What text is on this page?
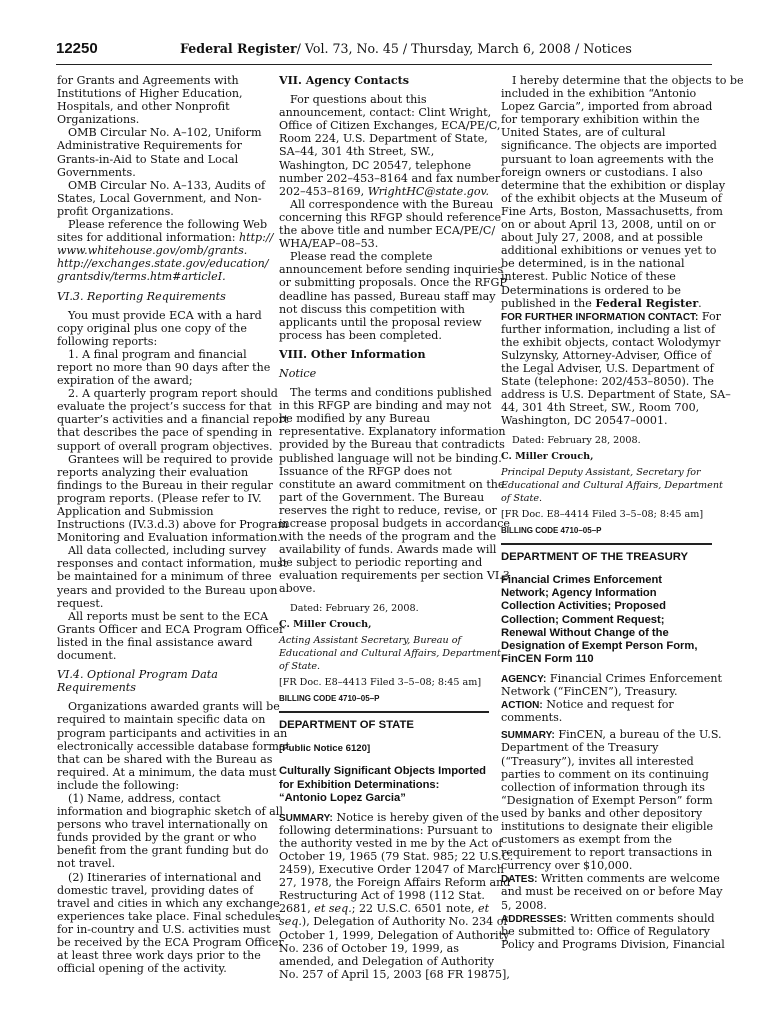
12250	Federal Register/ Vol. 73, No. 45 / Thursday, March 6, 2008 / Notices
for Grants and Agreements with
Institutions of Higher Education,
Hospitals, and other Nonprofit
Organizations.
OMB Circular No. A–102, Uniform
Administrative Requirements for
Grants-in-Aid to State and Local
Governments.
OMB Circular No. A–133, Audits of
States, Local Government, and Non-
profit Organizations.
Please reference the following Web
sites for additional information: http://
www.whitehouse.gov/omb/grants.
http://exchanges.state.gov/education/
grantsdiv/terms.htm#articleI.
VI.3. Reporting Requirements
You must provide ECA with a hard
copy original plus one copy of the
following reports:
1. A final program and financial
report no more than 90 days after the
expiration of the award;
2. A quarterly program report should
evaluate the project’s success for that
quarter’s activities and a financial report
that describes the pace of spending in
support of overall program objectives.
Grantees will be required to provide
reports analyzing their evaluation
findings to the Bureau in their regular
program reports. (Please refer to IV.
Application and Submission
Instructions (IV.3.d.3) above for Program
Monitoring and Evaluation information.
All data collected, including survey
responses and contact information, must
be maintained for a minimum of three
years and provided to the Bureau upon
request.
All reports must be sent to the ECA
Grants Officer and ECA Program Officer
listed in the final assistance award
document.
VI.4. Optional Program Data
Requirements
Organizations awarded grants will be
required to maintain specific data on
program participants and activities in an
electronically accessible database format
that can be shared with the Bureau as
required. At a minimum, the data must
include the following:
(1) Name, address, contact
information and biographic sketch of all
persons who travel internationally on
funds provided by the grant or who
benefit from the grant funding but do
not travel.
(2) Itineraries of international and
domestic travel, providing dates of
travel and cities in which any exchange
experiences take place. Final schedules
for in-country and U.S. activities must
be received by the ECA Program Officer
at least three work days prior to the
official opening of the activity.
VII. Agency Contacts
For questions about this
announcement, contact: Clint Wright,
Office of Citizen Exchanges, ECA/PE/C,
Room 224, U.S. Department of State,
SA–44, 301 4th Street, SW.,
Washington, DC 20547, telephone
number 202–453–8164 and fax number
202–453–8169, WrightHC@state.gov.
All correspondence with the Bureau
concerning this RFGP should reference
the above title and number ECA/PE/C/
WHA/EAP–08–53.
Please read the complete
announcement before sending inquiries
or submitting proposals. Once the RFGP
deadline has passed, Bureau staff may
not discuss this competition with
applicants until the proposal review
process has been completed.
VIII. Other Information
Notice
The terms and conditions published
in this RFGP are binding and may not
be modified by any Bureau
representative. Explanatory information
provided by the Bureau that contradicts
published language will not be binding.
Issuance of the RFGP does not
constitute an award commitment on the
part of the Government. The Bureau
reserves the right to reduce, revise, or
increase proposal budgets in accordance
with the needs of the program and the
availability of funds. Awards made will
be subject to periodic reporting and
evaluation requirements per section VI.3
above.
Dated: February 26, 2008.
C. Miller Crouch,
Acting Assistant Secretary, Bureau of
Educational and Cultural Affairs, Department
of State.
[FR Doc. E8–4413 Filed 3–5–08; 8:45 am]
BILLING CODE 4710–05–P
DEPARTMENT OF STATE
[Public Notice 6120]
Culturally Significant Objects Imported
for Exhibition Determinations:
“Antonio Lopez Garcia”
SUMMARY: Notice is hereby given of the
following determinations: Pursuant to
the authority vested in me by the Act of
October 19, 1965 (79 Stat. 985; 22 U.S.C.
2459), Executive Order 12047 of March
27, 1978, the Foreign Affairs Reform and
Restructuring Act of 1998 (112 Stat.
2681, et seq.; 22 U.S.C. 6501 note, et
seq.), Delegation of Authority No. 234 of
October 1, 1999, Delegation of Authority
No. 236 of October 19, 1999, as
amended, and Delegation of Authority
No. 257 of April 15, 2003 [68 FR 19875],
I hereby determine that the objects to be
included in the exhibition “Antonio
Lopez Garcia”, imported from abroad
for temporary exhibition within the
United States, are of cultural
significance. The objects are imported
pursuant to loan agreements with the
foreign owners or custodians. I also
determine that the exhibition or display
of the exhibit objects at the Museum of
Fine Arts, Boston, Massachusetts, from
on or about April 13, 2008, until on or
about July 27, 2008, and at possible
additional exhibitions or venues yet to
be determined, is in the national
interest. Public Notice of these
Determinations is ordered to be
published in the Federal Register.
FOR FURTHER INFORMATION CONTACT: For
further information, including a list of
the exhibit objects, contact Wolodymyr
Sulzynsky, Attorney-Adviser, Office of
the Legal Adviser, U.S. Department of
State (telephone: 202/453–8050). The
address is U.S. Department of State, SA–
44, 301 4th Street, SW., Room 700,
Washington, DC 20547–0001.
Dated: February 28, 2008.
C. Miller Crouch,
Principal Deputy Assistant, Secretary for
Educational and Cultural Affairs, Department
of State.
[FR Doc. E8–4414 Filed 3–5–08; 8:45 am]
BILLING CODE 4710–05–P
DEPARTMENT OF THE TREASURY
Financial Crimes Enforcement
Network; Agency Information
Collection Activities; Proposed
Collection; Comment Request;
Renewal Without Change of the
Designation of Exempt Person Form,
FinCEN Form 110
AGENCY: Financial Crimes Enforcement
Network (“FinCEN”), Treasury.
ACTION: Notice and request for
comments.
SUMMARY: FinCEN, a bureau of the U.S.
Department of the Treasury
(“Treasury”), invites all interested
parties to comment on its continuing
collection of information through its
“Designation of Exempt Person” form
used by banks and other depository
institutions to designate their eligible
customers as exempt from the
requirement to report transactions in
currency over $10,000.
DATES: Written comments are welcome
and must be received on or before May
5, 2008.
ADDRESSES: Written comments should
be submitted to: Office of Regulatory
Policy and Programs Division, Financial
